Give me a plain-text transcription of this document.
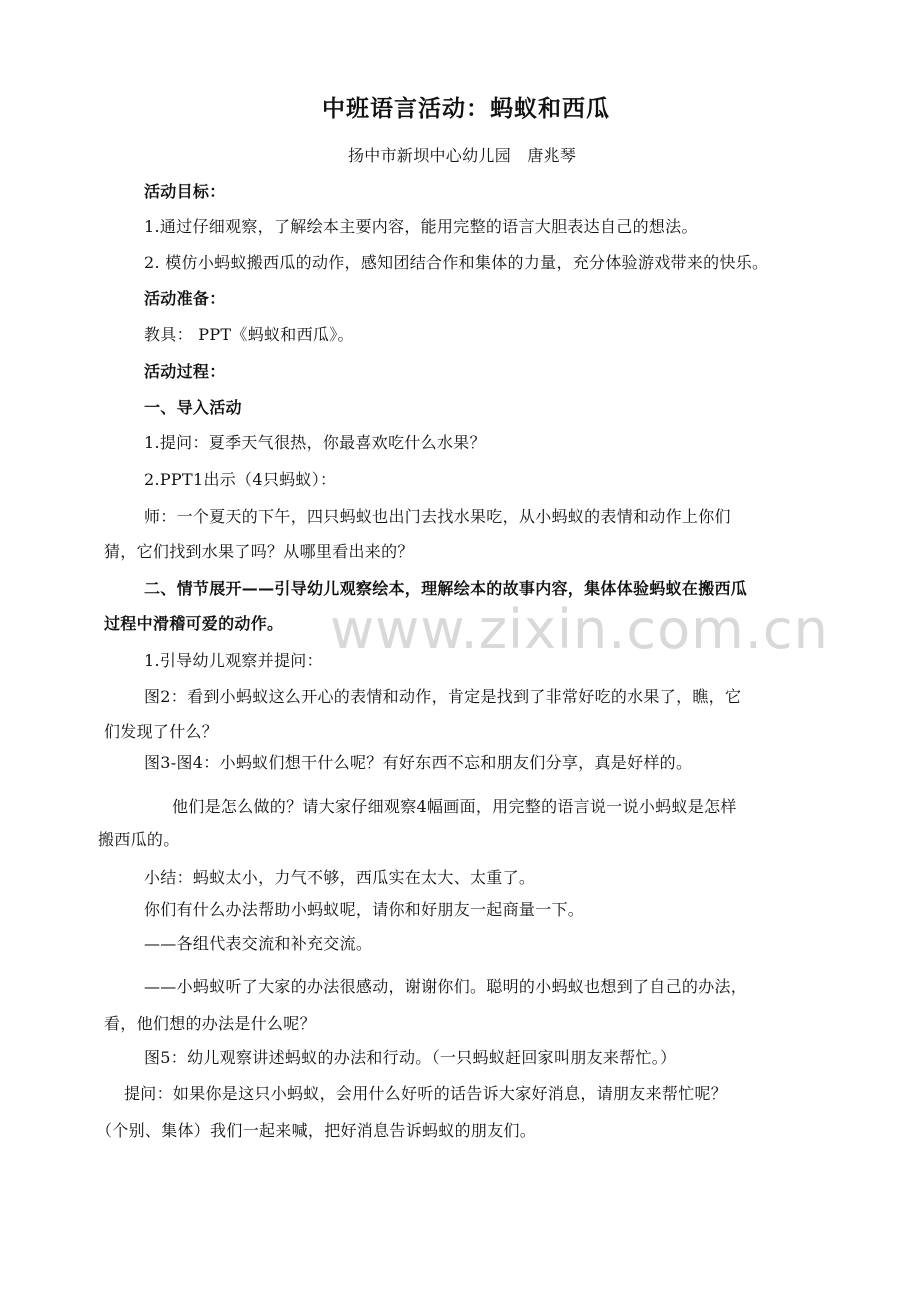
www.zixin.com.cn
中班语言活动：蚂蚁和西瓜
扬中市新坝中心幼儿园　唐兆琴
活动目标：
1.通过仔细观察，了解绘本主要内容，能用完整的语言大胆表达自己的想法。
2. 模仿小蚂蚁搬西瓜的动作，感知团结合作和集体的力量，充分体验游戏带来的快乐。
活动准备：
教具： PPT《蚂蚁和西瓜》。
活动过程：
一、导入活动
1.提问：夏季天气很热，你最喜欢吃什么水果？
2.PPT1出示（4只蚂蚁）：
师：一个夏天的下午，四只蚂蚁也出门去找水果吃，从小蚂蚁的表情和动作上你们
猜，它们找到水果了吗？从哪里看出来的？
二、情节展开——引导幼儿观察绘本，理解绘本的故事内容，集体体验蚂蚁在搬西瓜
过程中滑稽可爱的动作。
1.引导幼儿观察并提问：
图2：看到小蚂蚁这么开心的表情和动作，肯定是找到了非常好吃的水果了，瞧，它
们发现了什么？
图3-图4：小蚂蚁们想干什么呢？有好东西不忘和朋友们分享，真是好样的。
他们是怎么做的？请大家仔细观察4幅画面，用完整的语言说一说小蚂蚁是怎样
搬西瓜的。
小结：蚂蚁太小，力气不够，西瓜实在太大、太重了。
你们有什么办法帮助小蚂蚁呢，请你和好朋友一起商量一下。
——各组代表交流和补充交流。
——小蚂蚁听了大家的办法很感动，谢谢你们。聪明的小蚂蚁也想到了自己的办法，
看，他们想的办法是什么呢？
图5：幼儿观察讲述蚂蚁的办法和行动。（一只蚂蚁赶回家叫朋友来帮忙。）
提问：如果你是这只小蚂蚁，会用什么好听的话告诉大家好消息，请朋友来帮忙呢？
（个别、集体）我们一起来喊，把好消息告诉蚂蚁的朋友们。
